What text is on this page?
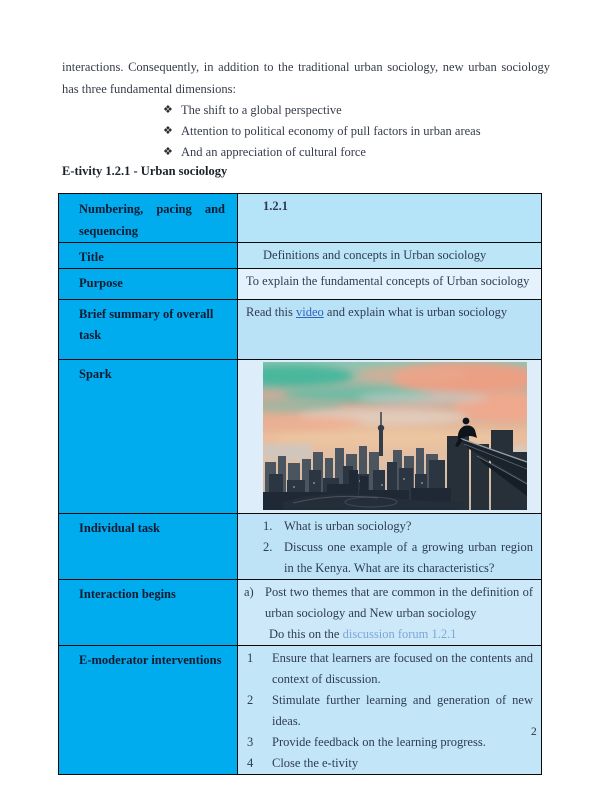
interactions. Consequently, in addition to the traditional urban sociology, new urban sociology has three fundamental dimensions:

❖ The shift to a global perspective
❖ Attention to political economy of pull factors in urban areas
❖ And an appreciation of cultural force
E-tivity 1.2.1 - Urban sociology
Numbering, pacing and
sequencing	1.2.1

Title	Definitions and concepts in Urban sociology

Purpose	To explain the fundamental concepts of Urban sociology
Brief summary of overall task	Read this video and explain what is urban sociology
Spark	

Individual task	1. What is urban sociology?
2. Discuss one example of a growing urban region in the Kenya. What are its characteristics?

Interaction begins	a) Post two themes that are common in the definition of urban sociology and New urban sociology
Do this on the discussion forum 1.2.1

E-moderator interventions	1	Ensure that learners are focused on the contents and context of discussion.
2	Stimulate further learning and generation of new ideas.
3	Provide feedback on the learning progress.
4	Close the e-tivity
2
